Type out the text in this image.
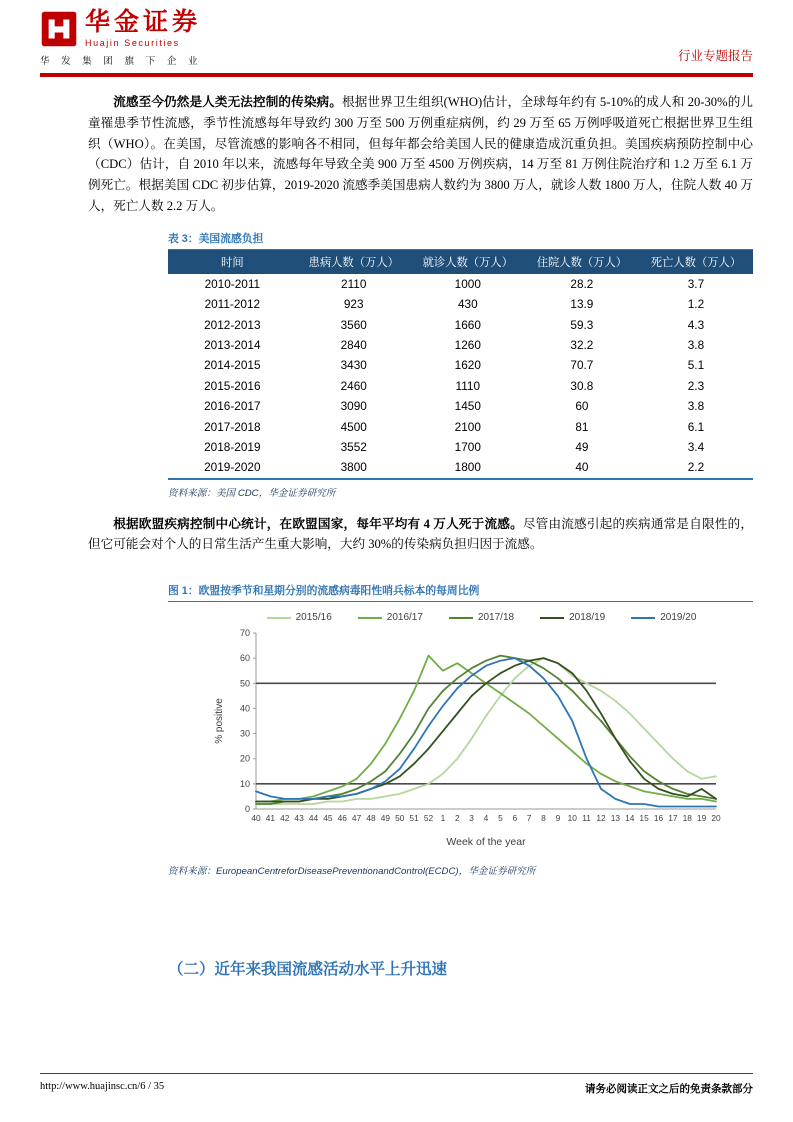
华金证券
Huajin Securities
华 发 集 团 旗 下 企 业	行业专题报告

流感至今仍然是人类无法控制的传染病。根据世界卫生组织(WHO)估计，全球每年约有 5-10%的成人和 20-30%的儿童罹患季节性流感，季节性流感每年导致约 300 万至 500 万例重症病例，约 29 万至 65 万例呼吸道死亡根据世界卫生组织（WHO）。在美国，尽管流感的影响各不相同，但每年都会给美国人民的健康造成沉重负担。美国疾病预防控制中心（CDC）估计，自 2010 年以来，流感每年导致全美 900 万至 4500 万例疾病，14 万至 81 万例住院治疗和 1.2 万至 6.1 万例死亡。根据美国 CDC 初步估算，2019-2020 流感季美国患病人数约为 3800 万人，就诊人数 1800 万人，住院人数 40 万人，死亡人数 2.2 万人。

表 3：美国流感负担
时间	患病人数（万人）	就诊人数（万人）	住院人数（万人）	死亡人数（万人）
2010-2011	2110	1000	28.2	3.7
2011-2012	923	430	13.9	1.2
2012-2013	3560	1660	59.3	4.3
2013-2014	2840	1260	32.2	3.8
2014-2015	3430	1620	70.7	5.1
2015-2016	2460	1110	30.8	2.3
2016-2017	3090	1450	60	3.8
2017-2018	4500	2100	81	6.1
2018-2019	3552	1700	49	3.4
2019-2020	3800	1800	40	2.2
资料来源：美国 CDC，华金证券研究所

根据欧盟疾病控制中心统计，在欧盟国家，每年平均有 4 万人死于流感。尽管由流感引起的疾病通常是自限性的，但它可能会对个人的日常生活产生重大影响，大约 30%的传染病负担归因于流感。

图 1：欧盟按季节和星期分别的流感病毒阳性哨兵标本的每周比例
2015/16	2016/17	2017/18	2018/19	2019/20
0
10
20
30
40
50
60
70
40 41 42 43 44 45 46 47 48 49 50 51 52 1 2 3 4 5 6 7 8 9 10 11 12 13 14 15 16 17 18 19 20
Week of the year
% positive
资料来源：EuropeanCentreforDiseasePreventionandControl(ECDC)，华金证券研究所
（二）近年来我国流感活动水平上升迅速
http://www.huajinsc.cn/6 / 35	请务必阅读正文之后的免责条款部分
